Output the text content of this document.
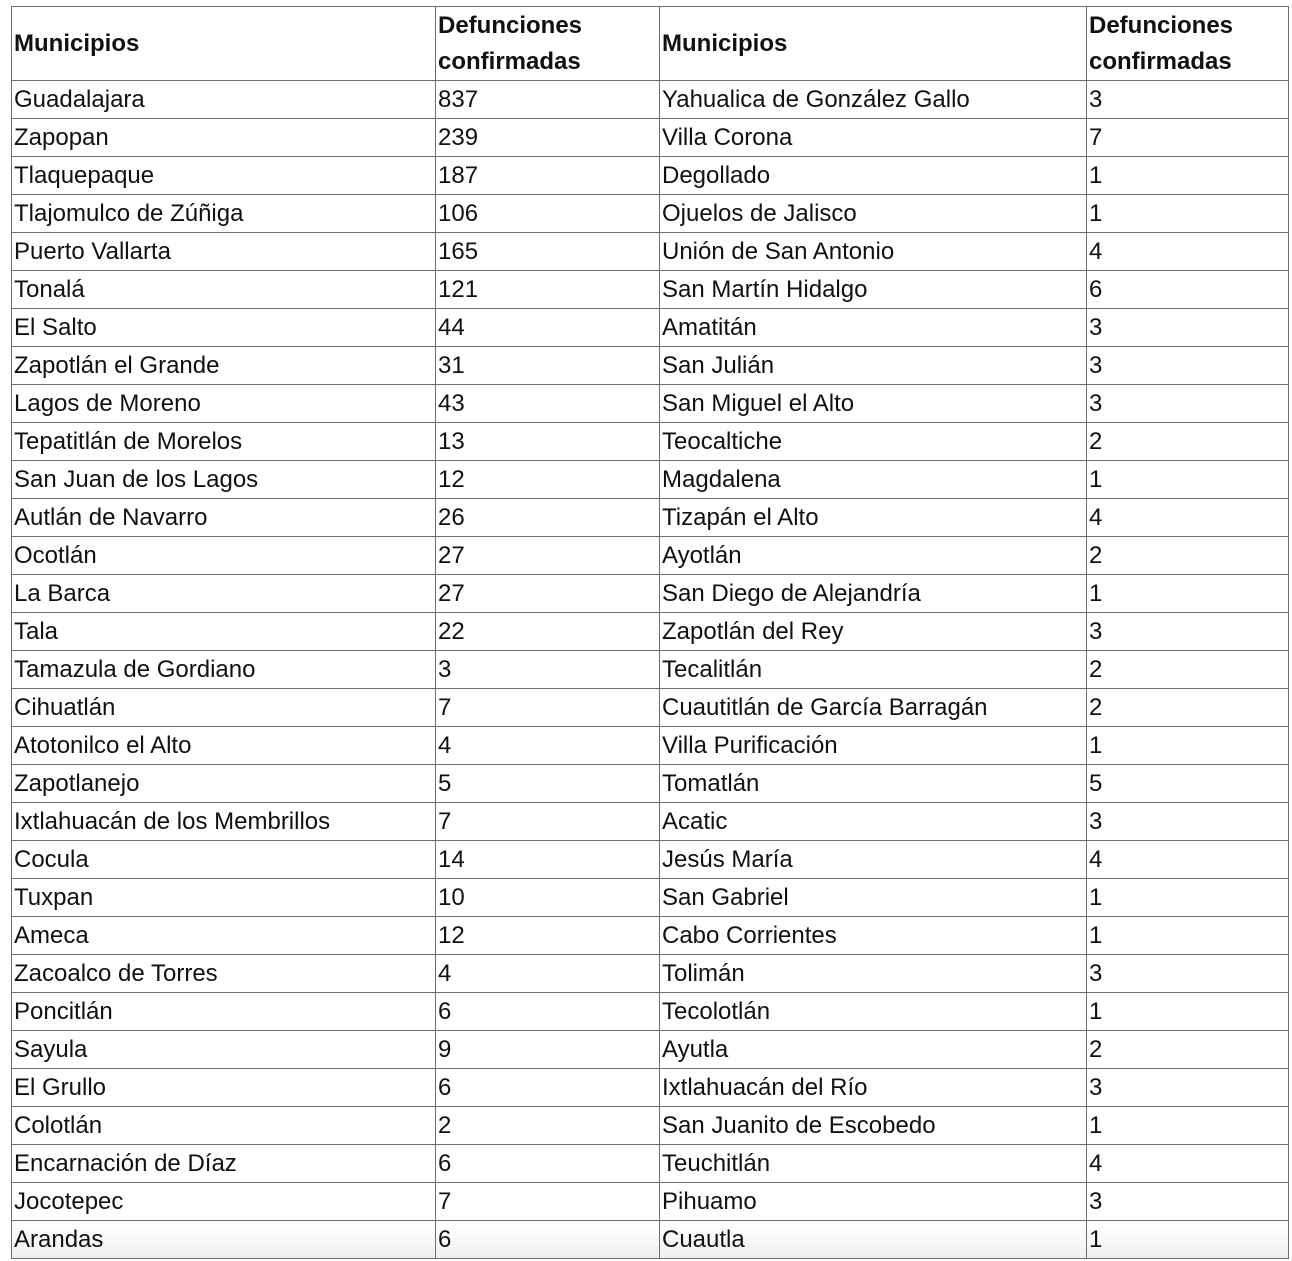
Municipios	Defunciones confirmadas	Municipios	Defunciones confirmadas
Guadalajara	837	Yahualica de González Gallo	3
Zapopan	239	Villa Corona	7
Tlaquepaque	187	Degollado	1
Tlajomulco de Zúñiga	106	Ojuelos de Jalisco	1
Puerto Vallarta	165	Unión de San Antonio	4
Tonalá	121	San Martín Hidalgo	6
El Salto	44	Amatitán	3
Zapotlán el Grande	31	San Julián	3
Lagos de Moreno	43	San Miguel el Alto	3
Tepatitlán de Morelos	13	Teocaltiche	2
San Juan de los Lagos	12	Magdalena	1
Autlán de Navarro	26	Tizapán el Alto	4
Ocotlán	27	Ayotlán	2
La Barca	27	San Diego de Alejandría	1
Tala	22	Zapotlán del Rey	3
Tamazula de Gordiano	3	Tecalitlán	2
Cihuatlán	7	Cuautitlán de García Barragán	2
Atotonilco el Alto	4	Villa Purificación	1
Zapotlanejo	5	Tomatlán	5
Ixtlahuacán de los Membrillos	7	Acatic	3
Cocula	14	Jesús María	4
Tuxpan	10	San Gabriel	1
Ameca	12	Cabo Corrientes	1
Zacoalco de Torres	4	Tolimán	3
Poncitlán	6	Tecolotlán	1
Sayula	9	Ayutla	2
El Grullo	6	Ixtlahuacán del Río	3
Colotlán	2	San Juanito de Escobedo	1
Encarnación de Díaz	6	Teuchitlán	4
Jocotepec	7	Pihuamo	3
Arandas	6	Cuautla	1
